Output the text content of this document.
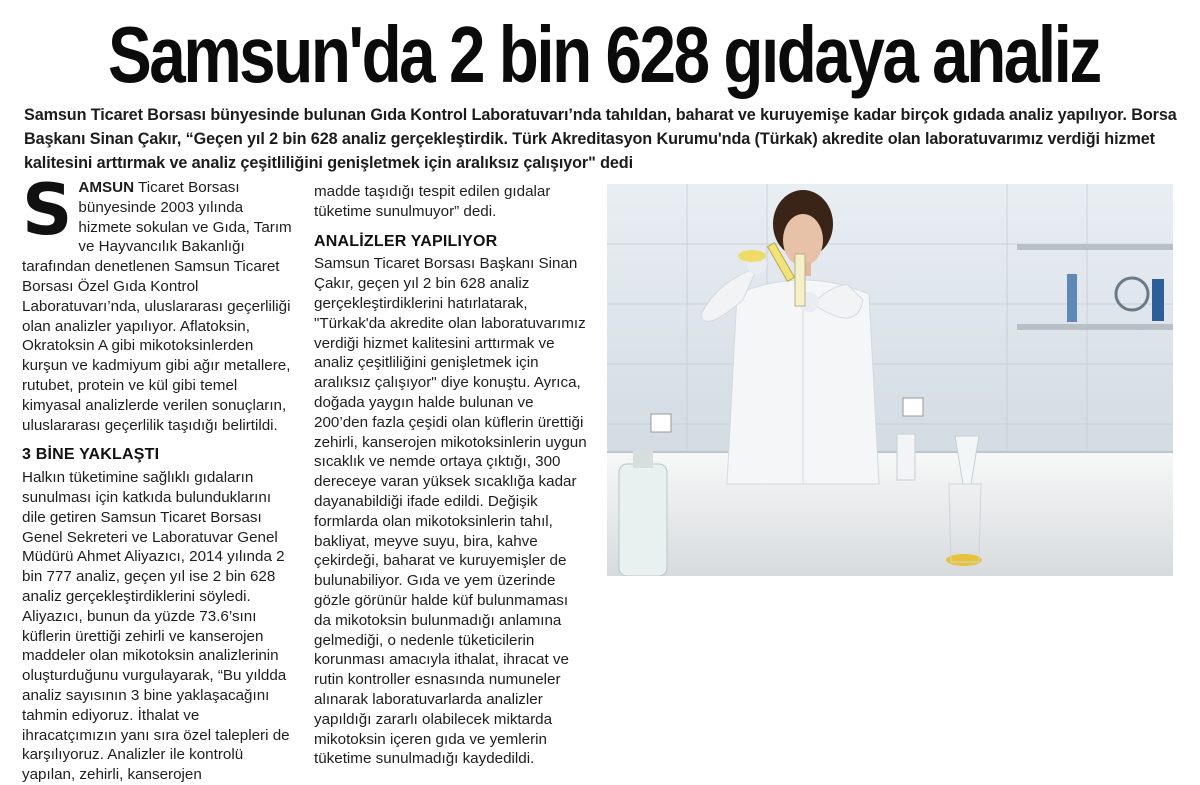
Samsun'da 2 bin 628 gıdaya analiz

Samsun Ticaret Borsası bünyesinde bulunan Gıda Kontrol Laboratuvarı’nda tahıldan, baharat ve kuruyemişe kadar birçok gıdada analiz yapılıyor. Borsa Başkanı Sinan Çakır, “Geçen yıl 2 bin 628 analiz gerçekleştirdik. Türk Akreditasyon Kurumu'nda (Türkak) akredite olan laboratuvarımız verdiği hizmet kalitesini arttırmak ve analiz çeşitliliğini genişletmek için aralıksız çalışıyor" dedi

SAMSUN Ticaret Borsası bünyesinde 2003 yılında hizmete sokulan ve Gıda, Tarım ve Hayvancılık Bakanlığı tarafından denetlenen Samsun Ticaret Borsası Özel Gıda Kontrol Laboratuvarı’nda, uluslararası geçerliliği olan analizler yapılıyor. Aflatoksin, Okratoksin A gibi mikotoksinlerden kurşun ve kadmiyum gibi ağır metallere, rutubet, protein ve kül gibi temel kimyasal analizlerde verilen sonuçların, uluslararası geçerlilik taşıdığı belirtildi.

3 BİNE YAKLAŞTI

Halkın tüketimine sağlıklı gıdaların sunulması için katkıda bulunduklarını dile getiren Samsun Ticaret Borsası Genel Sekreteri ve Laboratuvar Genel Müdürü Ahmet Aliyazıcı, 2014 yılında 2 bin 777 analiz, geçen yıl ise 2 bin 628 analiz gerçekleştirdiklerini söyledi. Aliyazıcı, bunun da yüzde 73.6’sını küflerin ürettiği zehirli ve kanserojen maddeler olan mikotoksin analizlerinin oluşturduğunu vurgulayarak, “Bu yıldda analiz sayısının 3 bine yaklaşacağını tahmin ediyoruz. İthalat ve ihracatçımızın yanı sıra özel talepleri de karşılıyoruz. Analizler ile kontrolü yapılan, zehirli, kanserojen

madde taşıdığı tespit edilen gıdalar tüketime sunulmuyor” dedi.

ANALİZLER YAPILIYOR

Samsun Ticaret Borsası Başkanı Sinan Çakır, geçen yıl 2 bin 628 analiz gerçekleştirdiklerini hatırlatarak, "Türkak'da akredite olan laboratuvarımız verdiği hizmet kalitesini arttırmak ve analiz çeşitliliğini genişletmek için aralıksız çalışıyor" diye konuştu. Ayrıca, doğada yaygın halde bulunan ve 200’den fazla çeşidi olan küflerin ürettiği zehirli, kanserojen mikotoksinlerin uygun sıcaklık ve nemde ortaya çıktığı, 300 dereceye varan yüksek sıcaklığa kadar dayanabildiği ifade edildi. Değişik formlarda olan mikotoksinlerin tahıl, bakliyat, meyve suyu, bira, kahve çekirdeği, baharat ve kuruyemişler de bulunabiliyor. Gıda ve yem üzerinde gözle görünür halde küf bulunmaması da mikotoksin bulunmadığı anlamına gelmediği, o nedenle tüketicilerin korunması amacıyla ithalat, ihracat ve rutin kontroller esnasında numuneler alınarak laboratuvarlarda analizler yapıldığı zararlı olabilecek miktarda mikotoksin içeren gıda ve yemlerin tüketime sunulmadığı kaydedildi.
